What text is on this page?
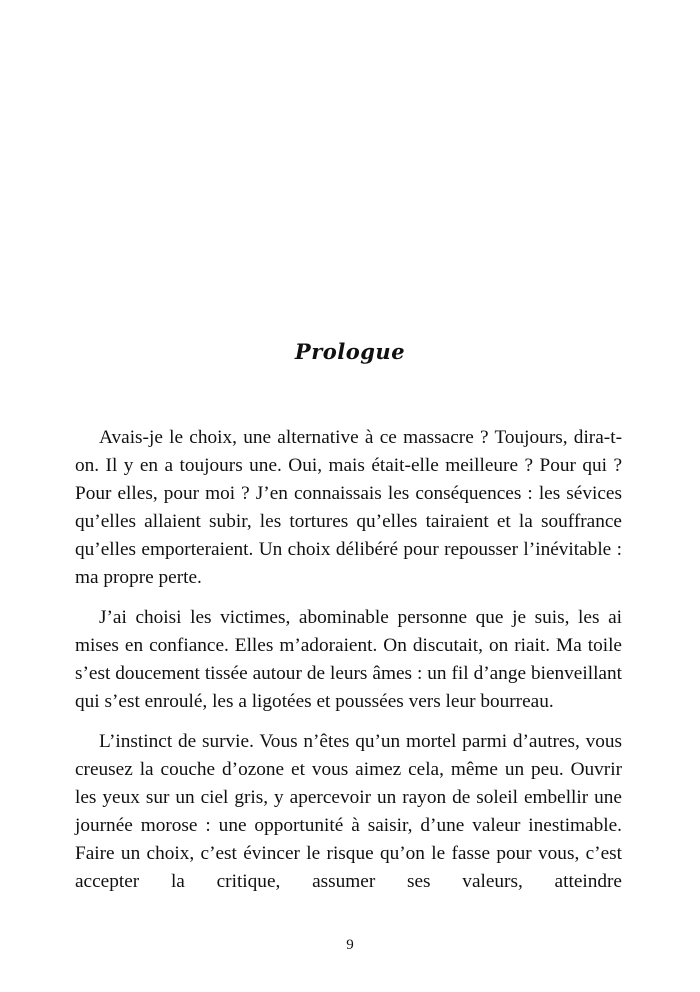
Prologue

Avais-je le choix, une alternative à ce massacre ? Toujours, dira-t-on. Il y en a toujours une. Oui, mais était-elle meilleure ? Pour qui ? Pour elles, pour moi ? J’en connaissais les conséquences : les sévices qu’elles allaient subir, les tortures qu’elles tairaient et la souffrance qu’elles emporteraient. Un choix délibéré pour repousser l’inévitable : ma propre perte.

J’ai choisi les victimes, abominable personne que je suis, les ai mises en confiance. Elles m’adoraient. On discutait, on riait. Ma toile s’est doucement tissée autour de leurs âmes : un fil d’ange bienveillant qui s’est enroulé, les a ligotées et poussées vers leur bourreau.

L’instinct de survie. Vous n’êtes qu’un mortel parmi d’autres, vous creusez la couche d’ozone et vous aimez cela, même un peu. Ouvrir les yeux sur un ciel gris, y apercevoir un rayon de soleil embellir une journée morose : une opportunité à saisir, d’une valeur inestimable. Faire un choix, c’est évincer le risque qu’on le fasse pour vous, c’est accepter la critique, assumer ses valeurs, atteindre

9
